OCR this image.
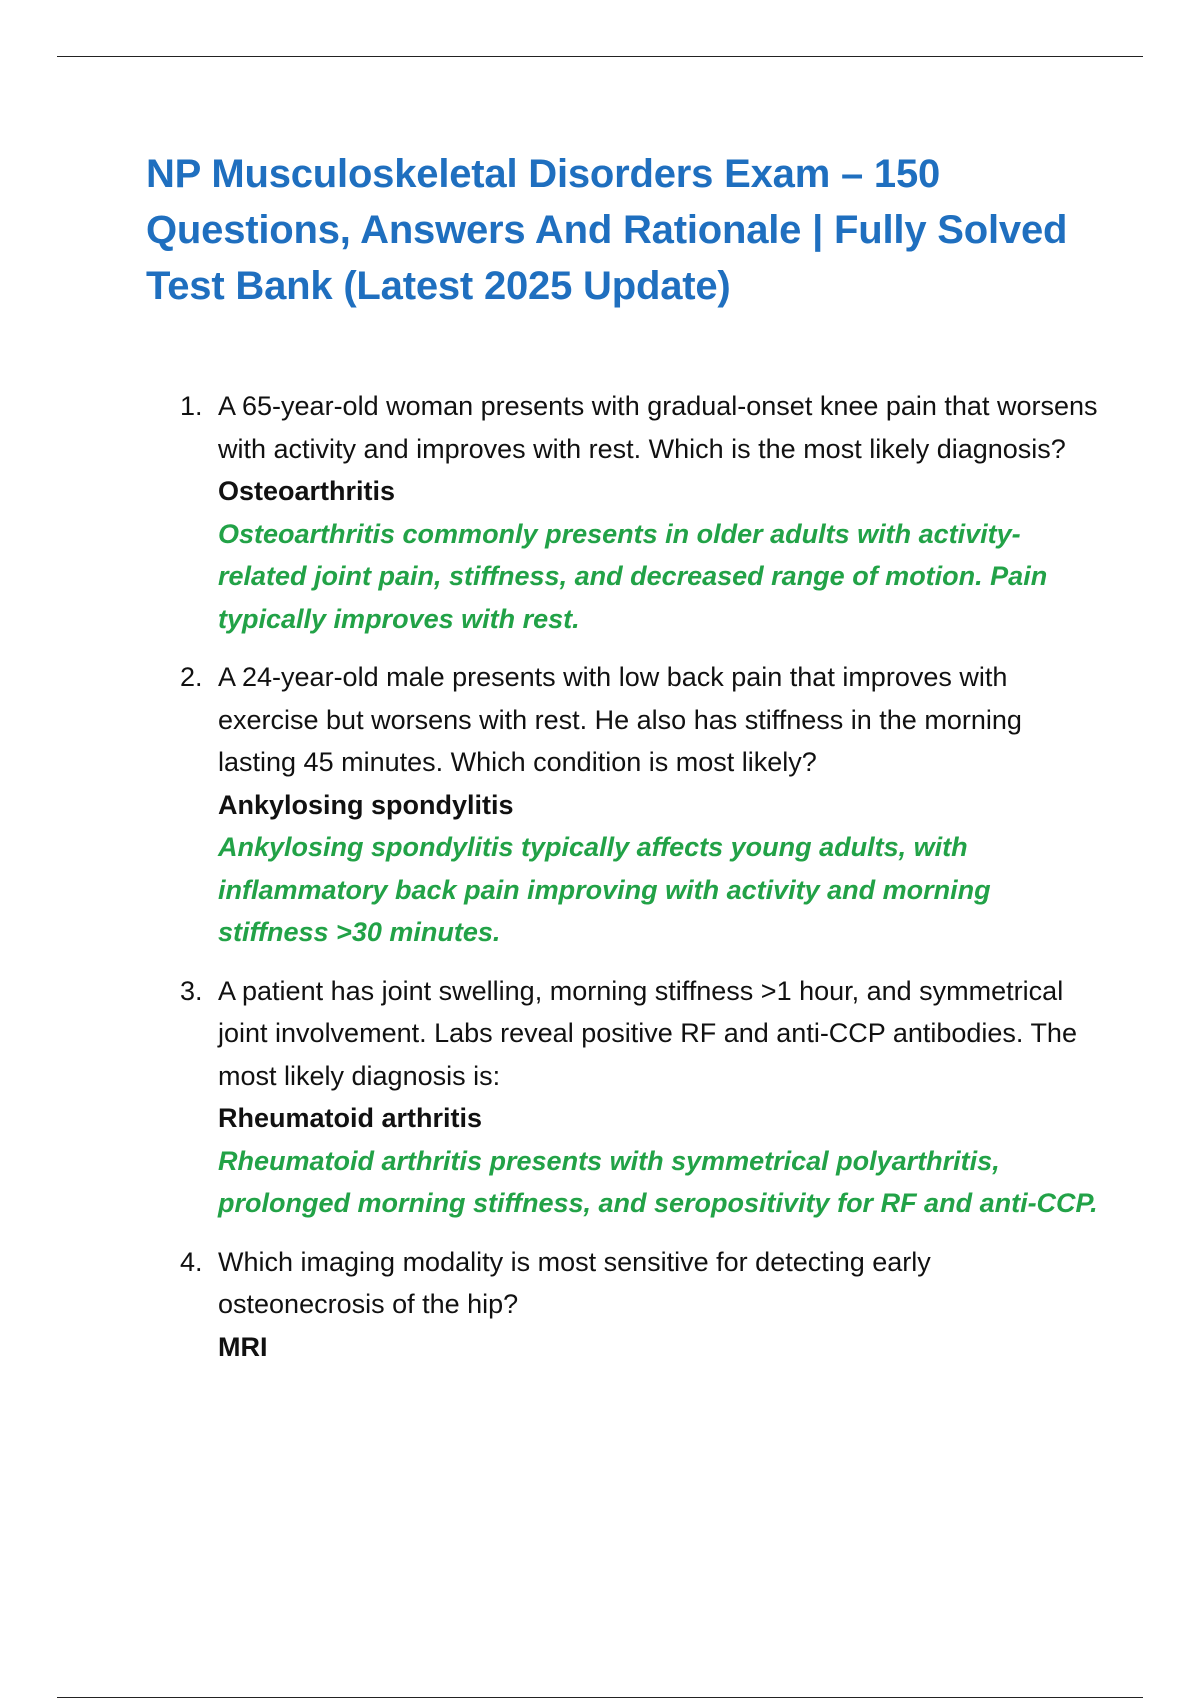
NP Musculoskeletal Disorders Exam – 150 Questions, Answers And Rationale | Fully Solved Test Bank (Latest 2025 Update)
1. A 65-year-old woman presents with gradual-onset knee pain that worsens with activity and improves with rest. Which is the most likely diagnosis?
Osteoarthritis
Osteoarthritis commonly presents in older adults with activity-related joint pain, stiffness, and decreased range of motion. Pain typically improves with rest.
2. A 24-year-old male presents with low back pain that improves with exercise but worsens with rest. He also has stiffness in the morning lasting 45 minutes. Which condition is most likely?
Ankylosing spondylitis
Ankylosing spondylitis typically affects young adults, with inflammatory back pain improving with activity and morning stiffness >30 minutes.
3. A patient has joint swelling, morning stiffness >1 hour, and symmetrical joint involvement. Labs reveal positive RF and anti-CCP antibodies. The most likely diagnosis is:
Rheumatoid arthritis
Rheumatoid arthritis presents with symmetrical polyarthritis, prolonged morning stiffness, and seropositivity for RF and anti-CCP.
4. Which imaging modality is most sensitive for detecting early osteonecrosis of the hip?
MRI
